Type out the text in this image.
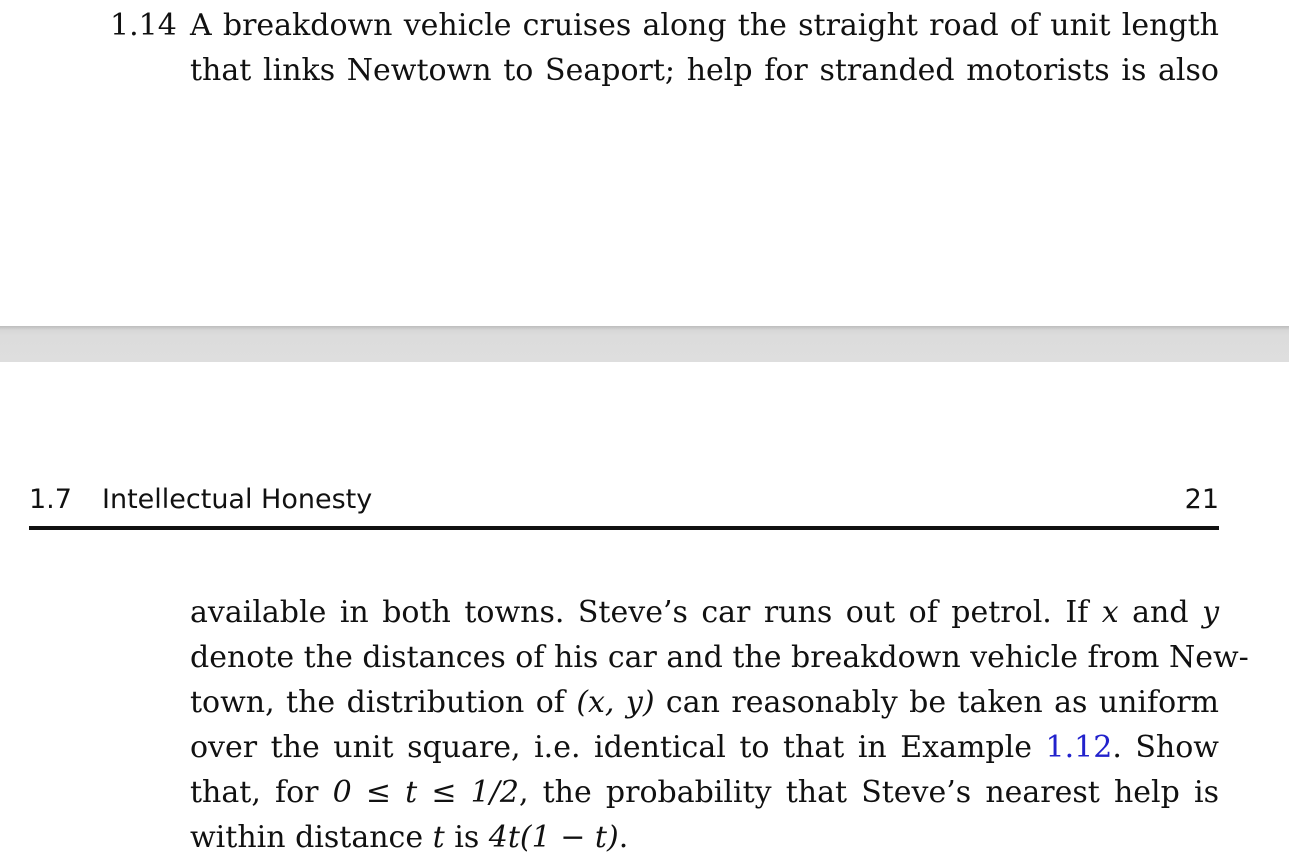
1.14 A breakdown vehicle cruises along the straight road of unit length
that links Newtown to Seaport; help for stranded motorists is also
1.7 Intellectual Honesty	21
available in both towns. Steve’s car runs out of petrol. If x and y
denote the distances of his car and the breakdown vehicle from New-
town, the distribution of (x, y) can reasonably be taken as uniform
over the unit square, i.e. identical to that in Example 1.12. Show
that, for 0 ≤ t ≤ 1/2, the probability that Steve’s nearest help is
within distance t is 4t(1 − t).
